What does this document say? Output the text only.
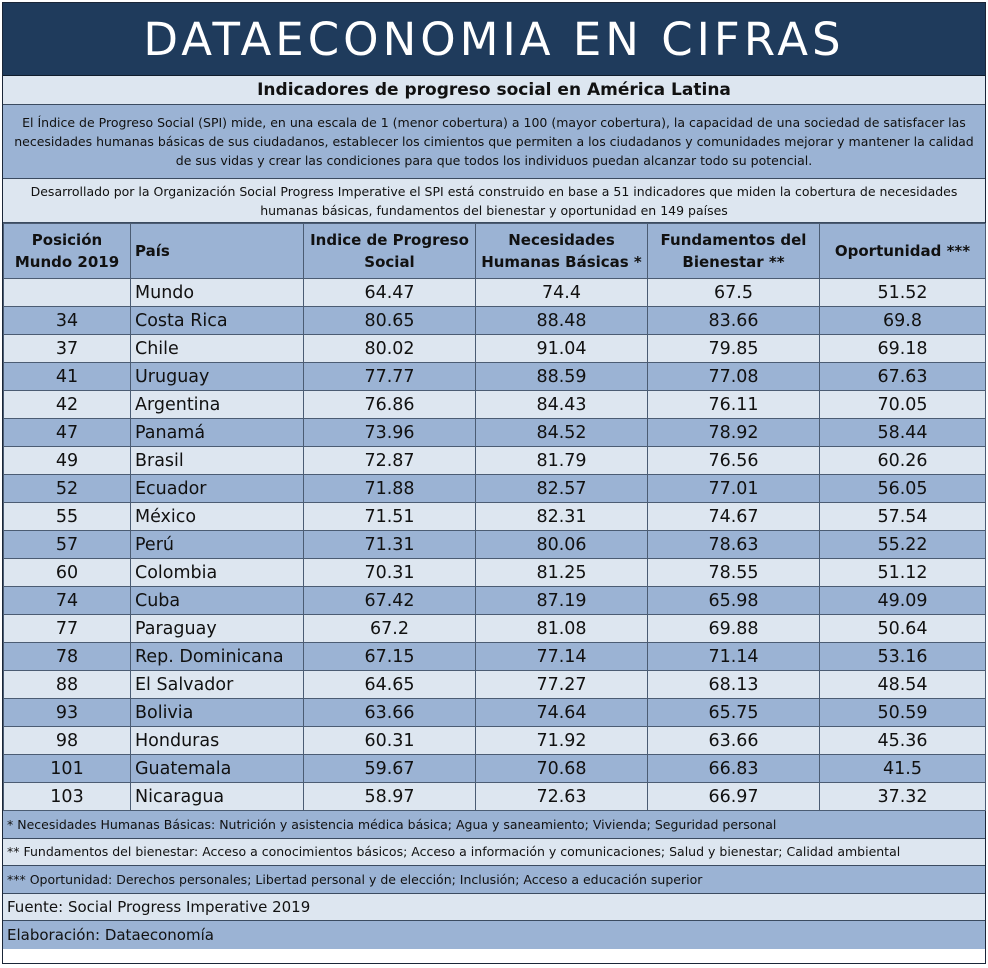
DATAECONOMIA EN CIFRAS
Indicadores de progreso social en América Latina
El Índice de Progreso Social (SPI) mide, en una escala de 1 (menor cobertura) a 100 (mayor cobertura), la capacidad de una sociedad de satisfacer las necesidades humanas básicas de sus ciudadanos, establecer los cimientos que permiten a los ciudadanos y comunidades mejorar y mantener la calidad de sus vidas y crear las condiciones para que todos los individuos puedan alcanzar todo su potencial.
Desarrollado por la Organización Social Progress Imperative el SPI está construido en base a 51 indicadores que miden la cobertura de necesidades humanas básicas, fundamentos del bienestar y oportunidad en 149 países
Posición Mundo 2019	País	Indice de Progreso Social	Necesidades Humanas Básicas *	Fundamentos del Bienestar **	Oportunidad ***
	Mundo	64.47	74.4	67.5	51.52
34	Costa Rica	80.65	88.48	83.66	69.8
37	Chile	80.02	91.04	79.85	69.18
41	Uruguay	77.77	88.59	77.08	67.63
42	Argentina	76.86	84.43	76.11	70.05
47	Panamá	73.96	84.52	78.92	58.44
49	Brasil	72.87	81.79	76.56	60.26
52	Ecuador	71.88	82.57	77.01	56.05
55	México	71.51	82.31	74.67	57.54
57	Perú	71.31	80.06	78.63	55.22
60	Colombia	70.31	81.25	78.55	51.12
74	Cuba	67.42	87.19	65.98	49.09
77	Paraguay	67.2	81.08	69.88	50.64
78	Rep. Dominicana	67.15	77.14	71.14	53.16
88	El Salvador	64.65	77.27	68.13	48.54
93	Bolivia	63.66	74.64	65.75	50.59
98	Honduras	60.31	71.92	63.66	45.36
101	Guatemala	59.67	70.68	66.83	41.5
103	Nicaragua	58.97	72.63	66.97	37.32
* Necesidades Humanas Básicas: Nutrición y asistencia médica básica; Agua y saneamiento; Vivienda; Seguridad personal
** Fundamentos del bienestar: Acceso a conocimientos básicos; Acceso a información y comunicaciones; Salud y bienestar; Calidad ambiental
*** Oportunidad: Derechos personales; Libertad personal y de elección; Inclusión; Acceso a educación superior
Fuente: Social Progress Imperative 2019
Elaboración: Dataeconomía
